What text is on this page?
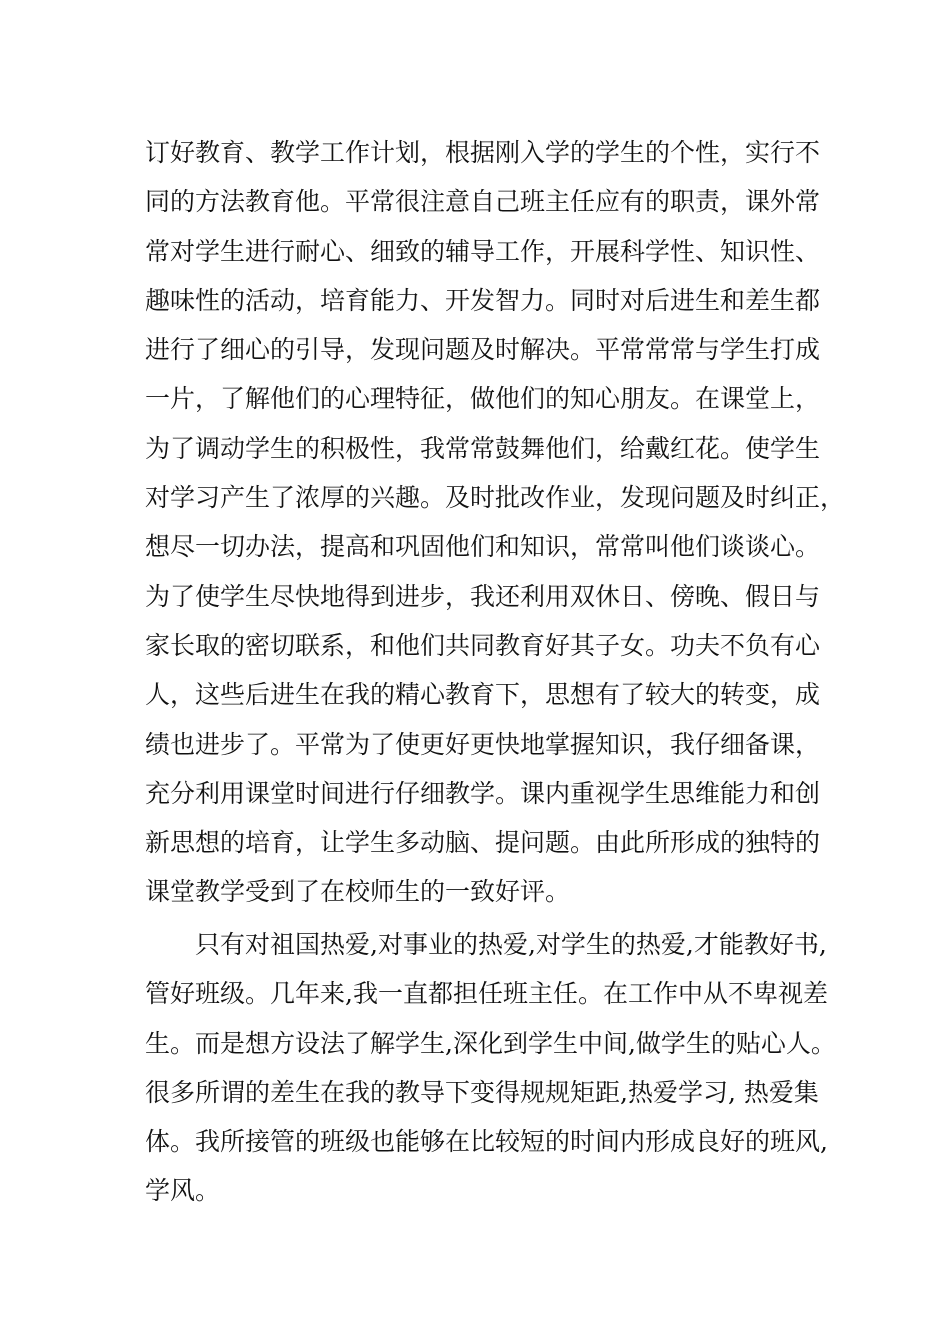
订好教育、教学工作计划，根据刚入学的学生的个性，实行不
同的方法教育他。平常很注意自己班主任应有的职责，课外常
常对学生进行耐心、细致的辅导工作，开展科学性、知识性、
趣味性的活动，培育能力、开发智力。同时对后进生和差生都
进行了细心的引导，发现问题及时解决。平常常常与学生打成
一片，了解他们的心理特征，做他们的知心朋友。在课堂上，
为了调动学生的积极性，我常常鼓舞他们，给戴红花。使学生
对学习产生了浓厚的兴趣。及时批改作业，发现问题及时纠正，
想尽一切办法，提高和巩固他们和知识，常常叫他们谈谈心。
为了使学生尽快地得到进步，我还利用双休日、傍晚、假日与
家长取的密切联系，和他们共同教育好其子女。功夫不负有心
人，这些后进生在我的精心教育下，思想有了较大的转变，成
绩也进步了。平常为了使更好更快地掌握知识，我仔细备课，
充分利用课堂时间进行仔细教学。课内重视学生思维能力和创
新思想的培育，让学生多动脑、提问题。由此所形成的独特的
课堂教学受到了在校师生的一致好评。
只有对祖国热爱,对事业的热爱,对学生的热爱,才能教好书,
管好班级。几年来,我一直都担任班主任。在工作中从不卑视差
生。而是想方设法了解学生,深化到学生中间,做学生的贴心人。
很多所谓的差生在我的教导下变得规规矩距,热爱学习, 热爱集
体。我所接管的班级也能够在比较短的时间内形成良好的班风,
学风。
